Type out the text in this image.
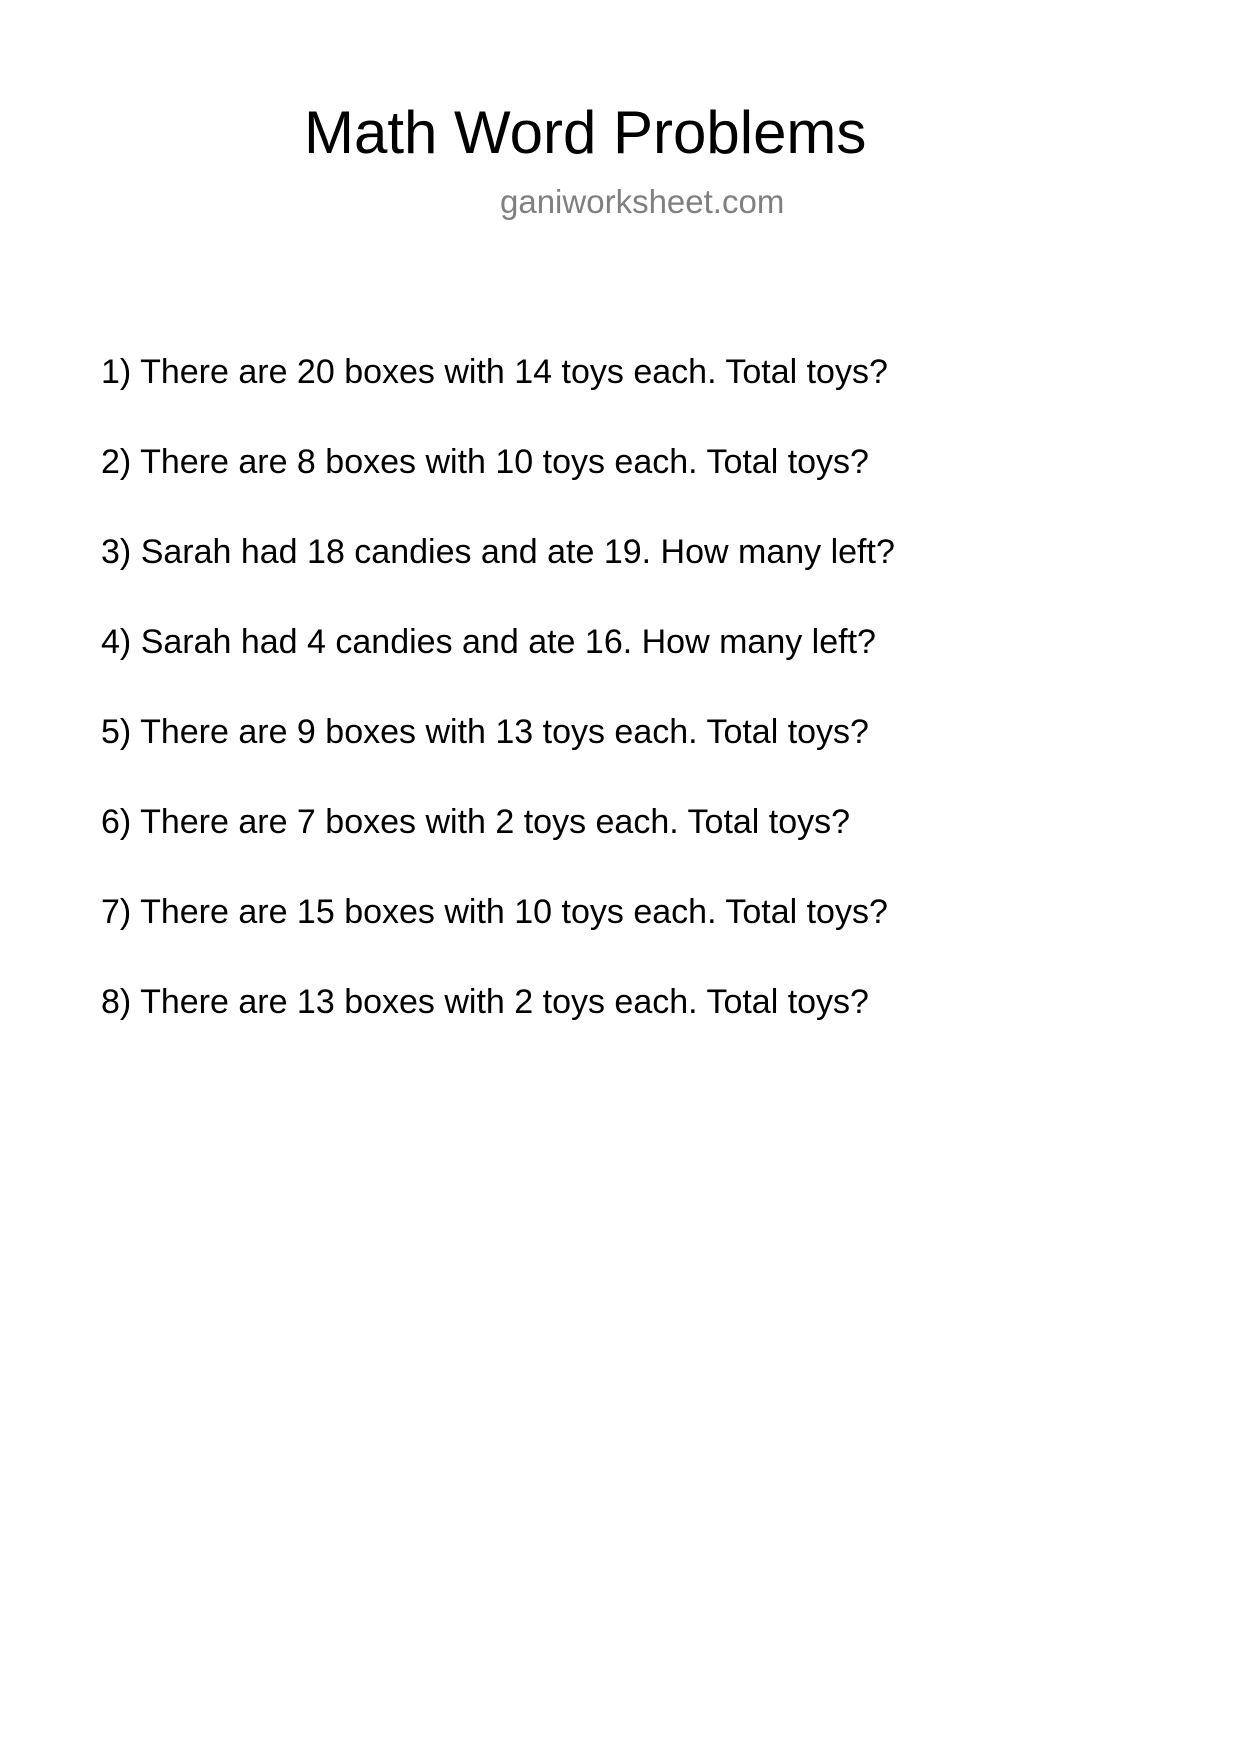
Math Word Problems
ganiworksheet.com
1) There are 20 boxes with 14 toys each. Total toys?
2) There are 8 boxes with 10 toys each. Total toys?
3) Sarah had 18 candies and ate 19. How many left?
4) Sarah had 4 candies and ate 16. How many left?
5) There are 9 boxes with 13 toys each. Total toys?
6) There are 7 boxes with 2 toys each. Total toys?
7) There are 15 boxes with 10 toys each. Total toys?
8) There are 13 boxes with 2 toys each. Total toys?
